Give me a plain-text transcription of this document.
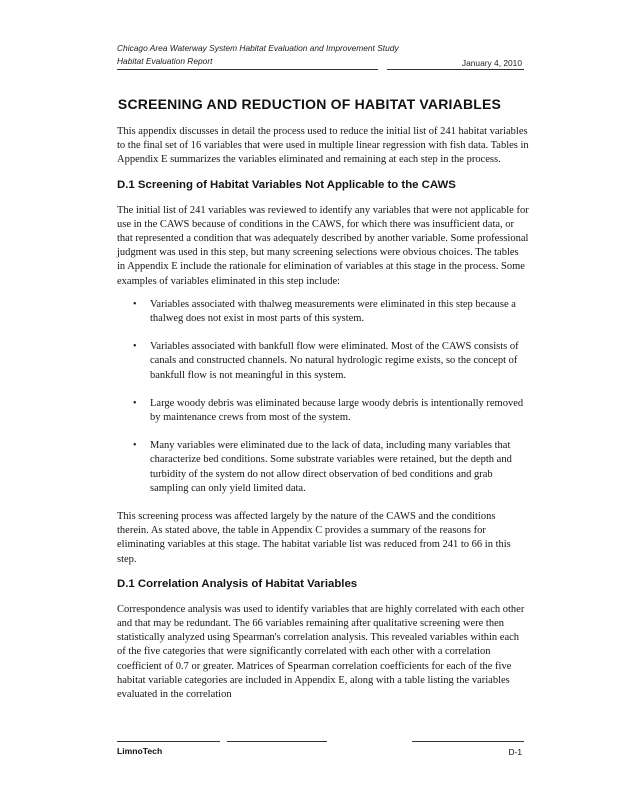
Chicago Area Waterway System Habitat Evaluation and Improvement Study
Habitat Evaluation Report	January 4, 2010
SCREENING AND REDUCTION OF HABITAT VARIABLES

This appendix discusses in detail the process used to reduce the initial list of 241 habitat variables to the final set of 16 variables that were used in multiple linear regression with fish data. Tables in Appendix E summarizes the variables eliminated and remaining at each step in the process.

D.1 Screening of Habitat Variables Not Applicable to the CAWS

The initial list of 241 variables was reviewed to identify any variables that were not applicable for use in the CAWS because of conditions in the CAWS, for which there was insufficient data, or that represented a condition that was adequately described by another variable. Some professional judgment was used in this step, but many screening selections were obvious choices. The tables in Appendix E include the rationale for elimination of variables at this stage in the process. Some examples of variables eliminated in this step include:

• Variables associated with thalweg measurements were eliminated in this step because a thalweg does not exist in most parts of this system.
• Variables associated with bankfull flow were eliminated. Most of the CAWS consists of canals and constructed channels. No natural hydrologic regime exists, so the concept of bankfull flow is not meaningful in this system.
• Large woody debris was eliminated because large woody debris is intentionally removed by maintenance crews from most of the system.
• Many variables were eliminated due to the lack of data, including many variables that characterize bed conditions. Some substrate variables were retained, but the depth and turbidity of the system do not allow direct observation of bed conditions and grab sampling can only yield limited data.

This screening process was affected largely by the nature of the CAWS and the conditions therein. As stated above, the table in Appendix C provides a summary of the reasons for eliminating variables at this stage. The habitat variable list was reduced from 241 to 66 in this step.

D.1 Correlation Analysis of Habitat Variables

Correspondence analysis was used to identify variables that are highly correlated with each other and that may be redundant. The 66 variables remaining after qualitative screening were then statistically analyzed using Spearman's correlation analysis. This revealed variables within each of the five categories that were significantly correlated with each other with a correlation coefficient of 0.7 or greater. Matrices of Spearman correlation coefficients for each of the five habitat variable categories are included in Appendix E, along with a table listing the variables evaluated in the correlation

LimnoTech	D-1
